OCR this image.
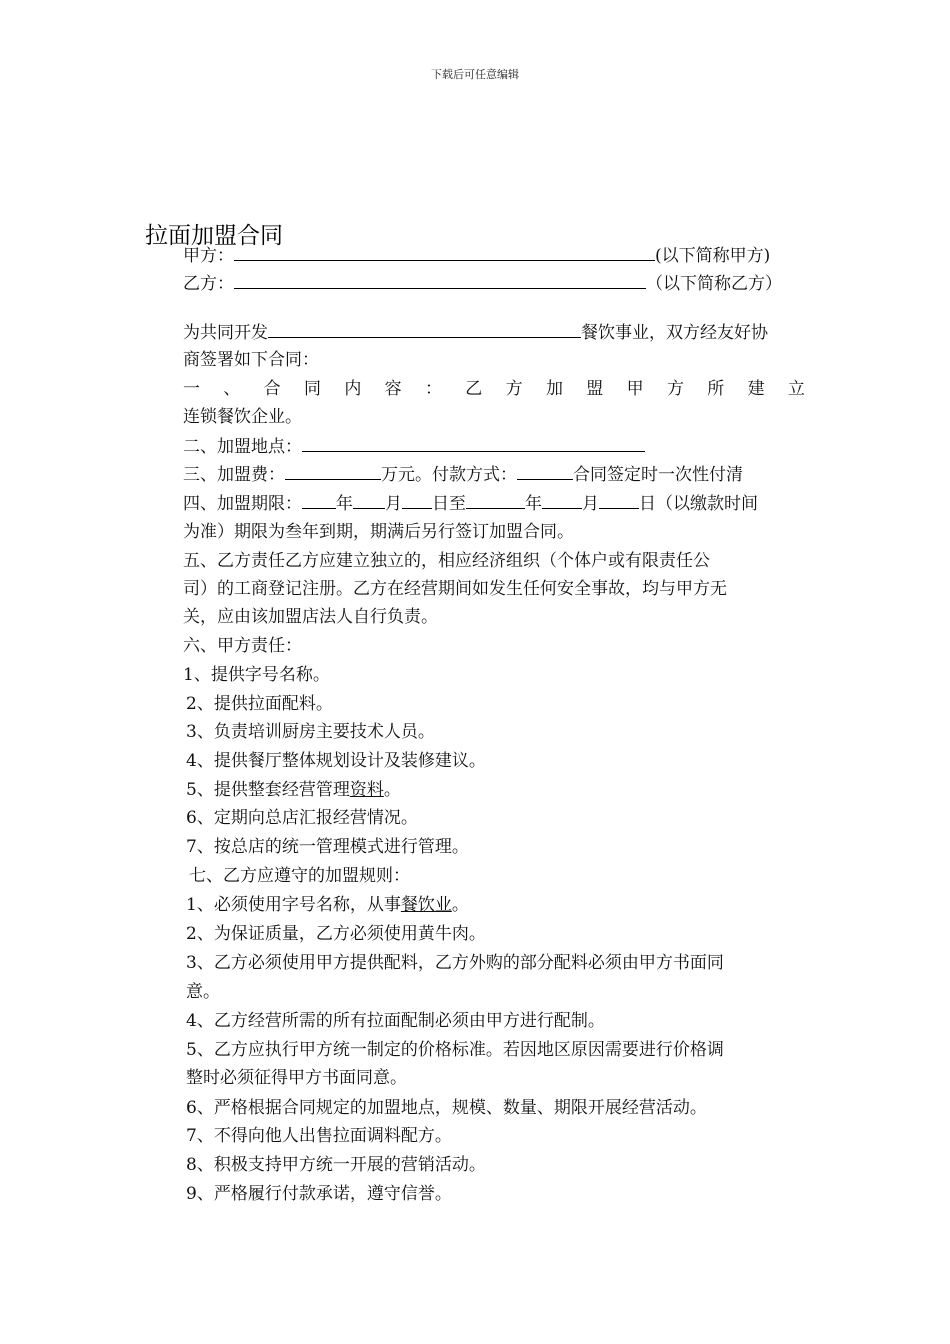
下载后可任意编辑
拉面加盟合同
甲方：	(以下简称甲方)
乙方：	（以下简称乙方）
为共同开发	餐饮事业，双方经友好协
商签署如下合同：
一 、 合 同 内 容 ： 乙 方 加 盟 甲 方 所 建 立
连锁餐饮企业。
二、加盟地点：
三、加盟费：	万元。付款方式：	合同签定时一次性付清
四、加盟期限： 年 月 日至	年 月 日（以缴款时间
为准）期限为叁年到期，期满后另行签订加盟合同。
五、乙方责任乙方应建立独立的，相应经济组织（个体户或有限责任公
司）的工商登记注册。乙方在经营期间如发生任何安全事故，均与甲方无
关，应由该加盟店法人自行负责。
六、甲方责任：
1、提供字号名称。
2、提供拉面配料。
3、负责培训厨房主要技术人员。
4、提供餐厅整体规划设计及装修建议。
5、提供整套经营管理资料。
6、定期向总店汇报经营情况。
7、按总店的统一管理模式进行管理。
七、乙方应遵守的加盟规则：
1、必须使用字号名称，从事餐饮业。
2、为保证质量，乙方必须使用黄牛肉。
3、乙方必须使用甲方提供配料，乙方外购的部分配料必须由甲方书面同
意。
4、乙方经营所需的所有拉面配制必须由甲方进行配制。
5、乙方应执行甲方统一制定的价格标准。若因地区原因需要进行价格调
整时必须征得甲方书面同意。
6、严格根据合同规定的加盟地点，规模、数量、期限开展经营活动。
7、不得向他人出售拉面调料配方。
8、积极支持甲方统一开展的营销活动。
9、严格履行付款承诺，遵守信誉。
